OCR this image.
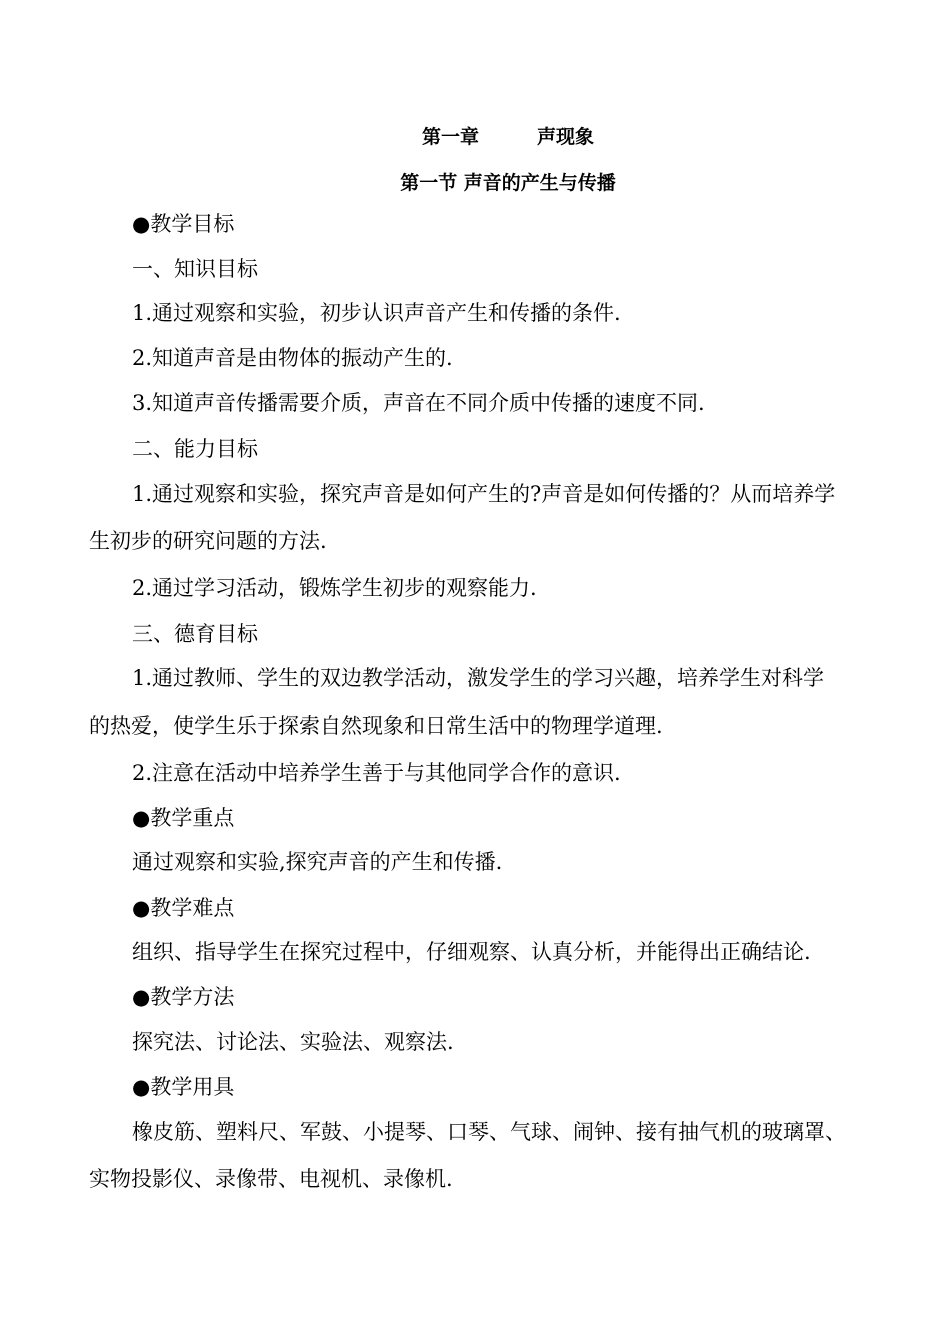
第一章	声现象
第一节 声音的产生与传播
●教学目标
一、知识目标
1.通过观察和实验，初步认识声音产生和传播的条件.
2.知道声音是由物体的振动产生的.
3.知道声音传播需要介质，声音在不同介质中传播的速度不同.
二、能力目标
1.通过观察和实验，探究声音是如何产生的?声音是如何传播的？从而培养学
生初步的研究问题的方法.
2.通过学习活动，锻炼学生初步的观察能力.
三、德育目标
1.通过教师、学生的双边教学活动，激发学生的学习兴趣，培养学生对科学
的热爱，使学生乐于探索自然现象和日常生活中的物理学道理.
2.注意在活动中培养学生善于与其他同学合作的意识.
●教学重点
通过观察和实验,探究声音的产生和传播.
●教学难点
组织、指导学生在探究过程中，仔细观察、认真分析，并能得出正确结论.
●教学方法
探究法、讨论法、实验法、观察法.
●教学用具
橡皮筋、塑料尺、军鼓、小提琴、口琴、气球、闹钟、接有抽气机的玻璃罩、
实物投影仪、录像带、电视机、录像机.
